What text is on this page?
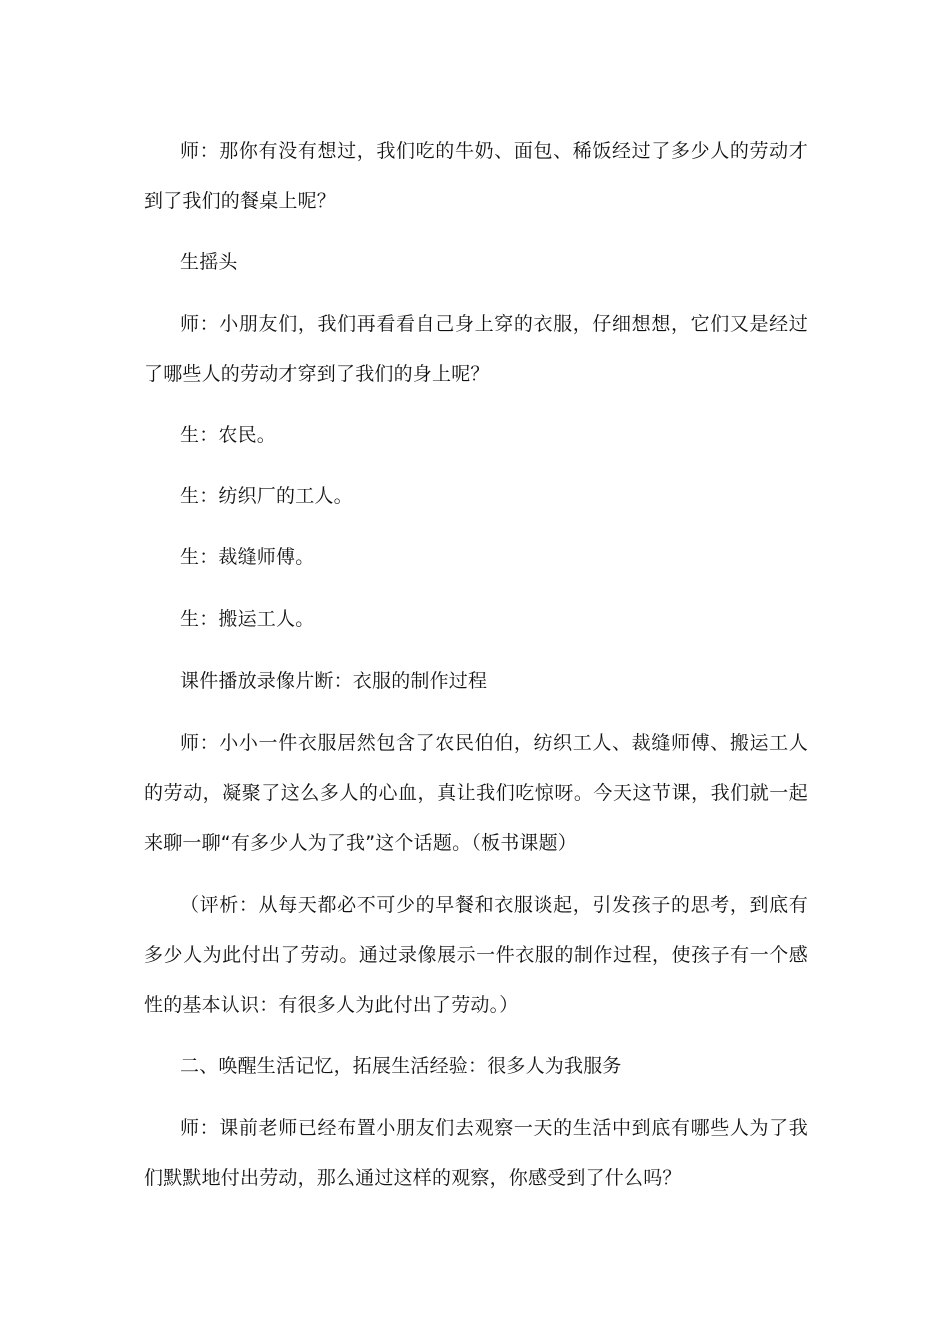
师：那你有没有想过，我们吃的牛奶、面包、稀饭经过了多少人的劳动才到了我们的餐桌上呢？

生摇头

师：小朋友们，我们再看看自己身上穿的衣服，仔细想想，它们又是经过了哪些人的劳动才穿到了我们的身上呢？

生：农民。

生：纺织厂的工人。

生：裁缝师傅。

生：搬运工人。

课件播放录像片断：衣服的制作过程

师：小小一件衣服居然包含了农民伯伯，纺织工人、裁缝师傅、搬运工人的劳动，凝聚了这么多人的心血，真让我们吃惊呀。今天这节课，我们就一起来聊一聊“有多少人为了我”这个话题。（板书课题）

（评析：从每天都必不可少的早餐和衣服谈起，引发孩子的思考，到底有多少人为此付出了劳动。通过录像展示一件衣服的制作过程，使孩子有一个感性的基本认识：有很多人为此付出了劳动。）

二、唤醒生活记忆，拓展生活经验：很多人为我服务

师：课前老师已经布置小朋友们去观察一天的生活中到底有哪些人为了我们默默地付出劳动，那么通过这样的观察，你感受到了什么吗？
